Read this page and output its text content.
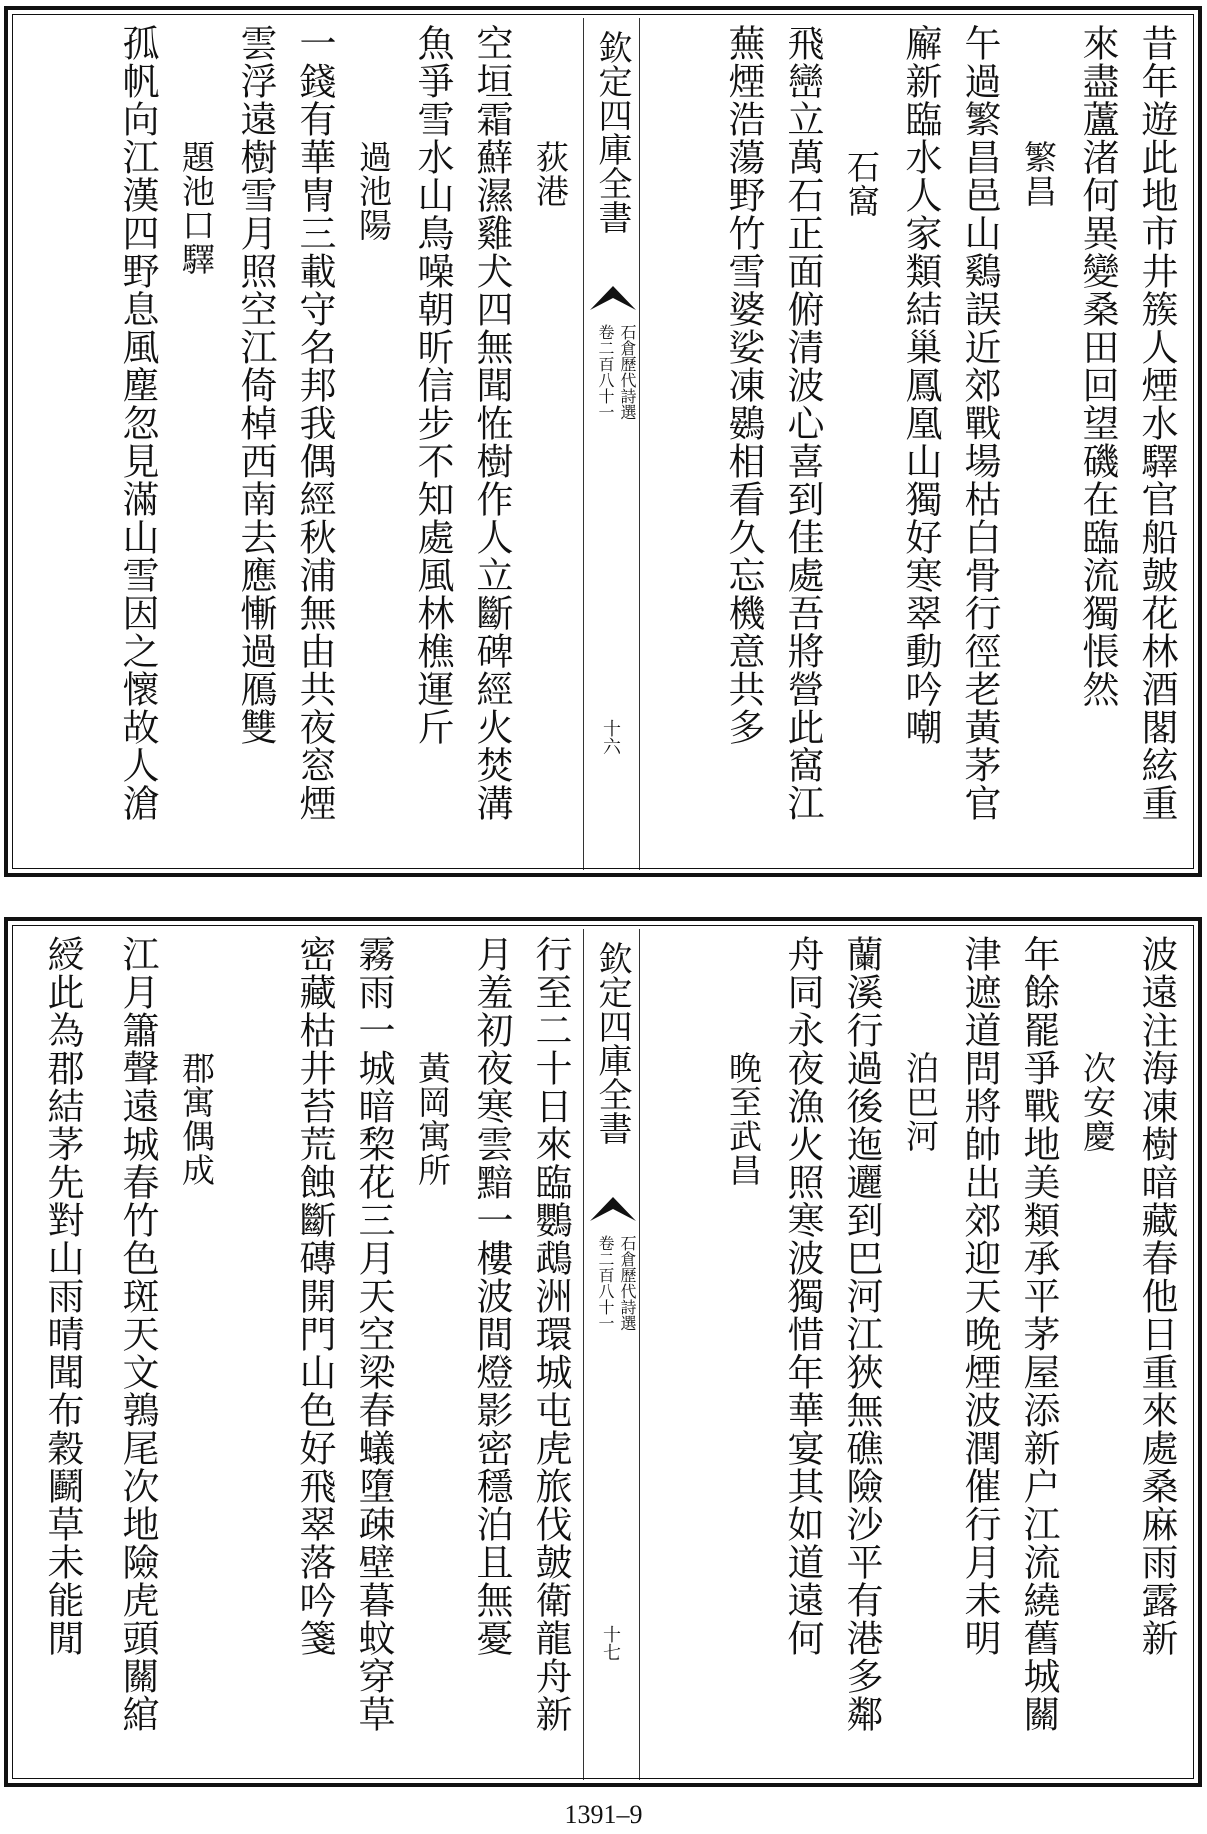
昔年遊此地市井簇人煙水驛官船皷花林酒閣絃重
來盡蘆渚何異變桑田回望磯在臨流獨悵然
繁昌
午過繁昌邑山鷄誤近郊戰場枯白骨行徑老黃茅官
廨新臨水人家類結巢鳳凰山獨好寒翠動吟嘲
石窩
飛巒立萬石正面俯清波心喜到佳處吾將營此窩江
蕪煙浩蕩野竹雪婆娑凍鷃相看久忘機意共多
欽定四庫全書
石倉歷代詩選
卷二百八十一
十六
荻港
空垣霜蘚濕雞犬四無聞恠樹作人立斷碑經火焚溝
魚爭雪水山鳥噪朝昕信步不知處風林樵運斤
過池陽
一錢有華冑三載守名邦我偶經秋浦無由共夜窓煙
雲浮遠樹雪月照空江倚棹西南去應慚過鴈雙
題池口驛
孤帆向江漢四野息風塵忽見滿山雪因之懷故人滄
波遠注海凍樹暗藏春他日重來處桑麻雨露新
次安慶
年餘罷爭戰地美類承平茅屋添新户江流繞舊城關
津遮道問將帥出郊迎天晚煙波潤催行月未明
泊巴河
蘭溪行過後迤邐到巴河江狹無礁險沙平有港多鄰
舟同永夜漁火照寒波獨惜年華宴其如道遠何
晚至武昌
欽定四庫全書
石倉歷代詩選
卷二百八十一
十七
行至二十日來臨鸚鵡洲環城屯虎旅伐皷衛龍舟新
月羞初夜寒雲黯一樓波間燈影密穩泊且無憂
黃岡寓所
霧雨一城暗棃花三月天空梁春蟻墮疎壁暮蚊穿草
密藏枯井苔荒蝕斷磚開門山色好飛翠落吟箋
郡寓偶成
江月簫聲遠城春竹色斑天文鶉尾次地險虎頭關綰
綬此為郡結茅先對山雨晴聞布穀鬬草未能閒
1391–9
